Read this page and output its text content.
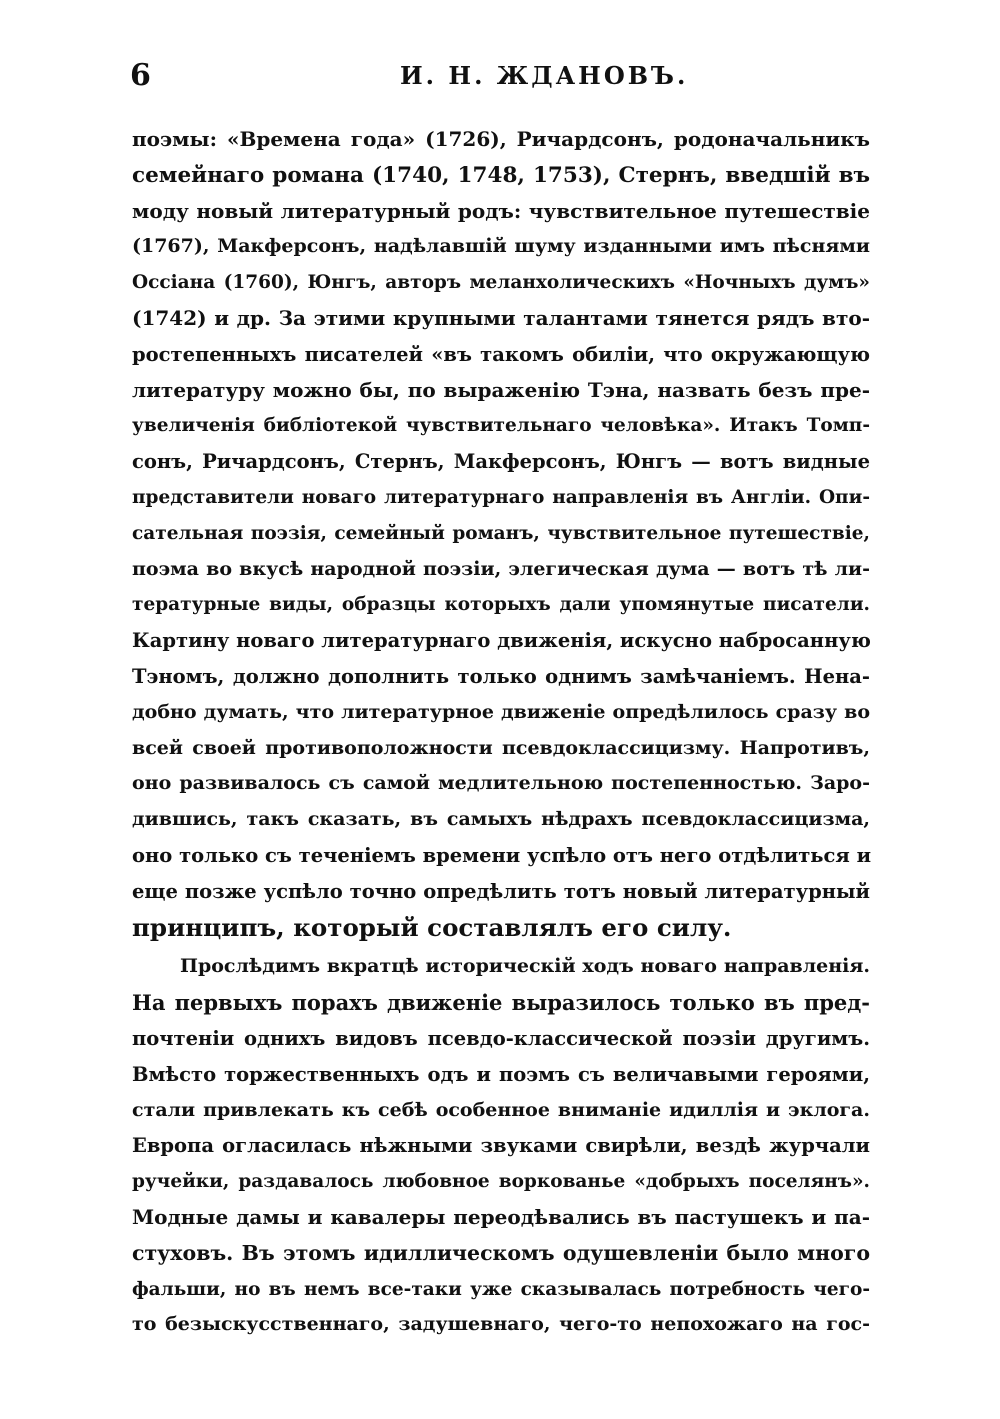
6	И. Н. ЖДАНОВЪ.
поэмы: «Времена года» (1726), Ричардсонъ, родоначальникъ
семейнаго романа (1740, 1748, 1753), Стернъ, введшій въ
моду новый литературный родъ: чувствительное путешествіе
(1767), Макферсонъ, надѣлавшій шуму изданными имъ пѣснями
Оссіана (1760), Юнгъ, авторъ меланхолическихъ «Ночныхъ думъ»
(1742) и др. За этими крупными талантами тянется рядъ вто-
ростепенныхъ писателей «въ такомъ обиліи, что окружающую
литературу можно бы, по выраженію Тэна, назвать безъ пре-
увеличенія библіотекой чувствительнаго человѣка». Итакъ Томп-
сонъ, Ричардсонъ, Стернъ, Макферсонъ, Юнгъ — вотъ видные
представители новаго литературнаго направленія въ Англіи. Опи-
сательная поэзія, семейный романъ, чувствительное путешествіе,
поэма во вкусѣ народной поэзіи, элегическая дума — вотъ тѣ ли-
тературные виды, образцы которыхъ дали упомянутые писатели.
Картину новаго литературнаго движенія, искусно набросанную
Тэномъ, должно дополнить только однимъ замѣчаніемъ. Нена-
добно думать, что литературное движеніе опредѣлилось сразу во
всей своей противоположности псевдоклассицизму. Напротивъ,
оно развивалось съ самой медлительною постепенностью. Заро-
дившись, такъ сказать, въ самыхъ нѣдрахъ псевдоклассицизма,
оно только съ теченіемъ времени успѣло отъ него отдѣлиться и
еще позже успѣло точно опредѣлить тотъ новый литературный
принципъ, который составлялъ его силу.
Прослѣдимъ вкратцѣ историческій ходъ новаго направленія.
На первыхъ порахъ движеніе выразилось только въ пред-
почтеніи однихъ видовъ псевдо-классической поэзіи другимъ.
Вмѣсто торжественныхъ одъ и поэмъ съ величавыми героями,
стали привлекать къ себѣ особенное вниманіе идиллія и эклога.
Европа огласилась нѣжными звуками свирѣли, вездѣ журчали
ручейки, раздавалось любовное воркованье «добрыхъ поселянъ».
Модные дамы и кавалеры переодѣвались въ пастушекъ и па-
стуховъ. Въ этомъ идиллическомъ одушевленіи было много
фальши, но въ немъ все-таки уже сказывалась потребность чего-
то безыскусственнаго, задушевнаго, чего-то непохожаго на гос-
